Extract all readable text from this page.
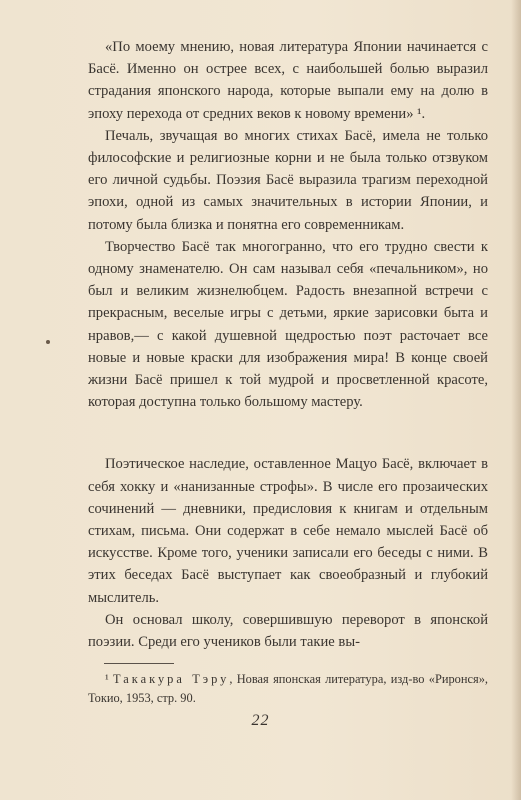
«По моему мнению, новая литература Японии начинается с Басё. Именно он острее всех, с наибольшей болью выразил страдания японского народа, которые выпали ему на долю в эпоху перехода от средних веков к новому времени» ¹.

Печаль, звучащая во многих стихах Басё, имела не только философские и религиозные корни и не была только отзвуком его личной судьбы. Поэзия Басё выразила трагизм переходной эпохи, одной из самых значительных в истории Японии, и потому была близка и понятна его современникам.

Творчество Басё так многогранно, что его трудно свести к одному знаменателю. Он сам называл себя «печальником», но был и великим жизнелюбцем. Радость внезапной встречи с прекрасным, веселые игры с детьми, яркие зарисовки быта и нравов,— с какой душевной щедростью поэт расточает все новые и новые краски для изображения мира! В конце своей жизни Басё пришел к той мудрой и просветленной красоте, которая доступна только большому мастеру.

Поэтическое наследие, оставленное Мацуо Басё, включает в себя хокку и «нанизанные строфы». В числе его прозаических сочинений — дневники, предисловия к книгам и отдельным стихам, письма. Они содержат в себе немало мыслей Басё об искусстве. Кроме того, ученики записали его беседы с ними. В этих беседах Басё выступает как своеобразный и глубокий мыслитель.

Он основал школу, совершившую переворот в японской поэзии. Среди его учеников были такие вы-

¹ Такакура Тэру, Новая японская литература, изд-во «Риронся», Токио, 1953, стр. 90.

22
